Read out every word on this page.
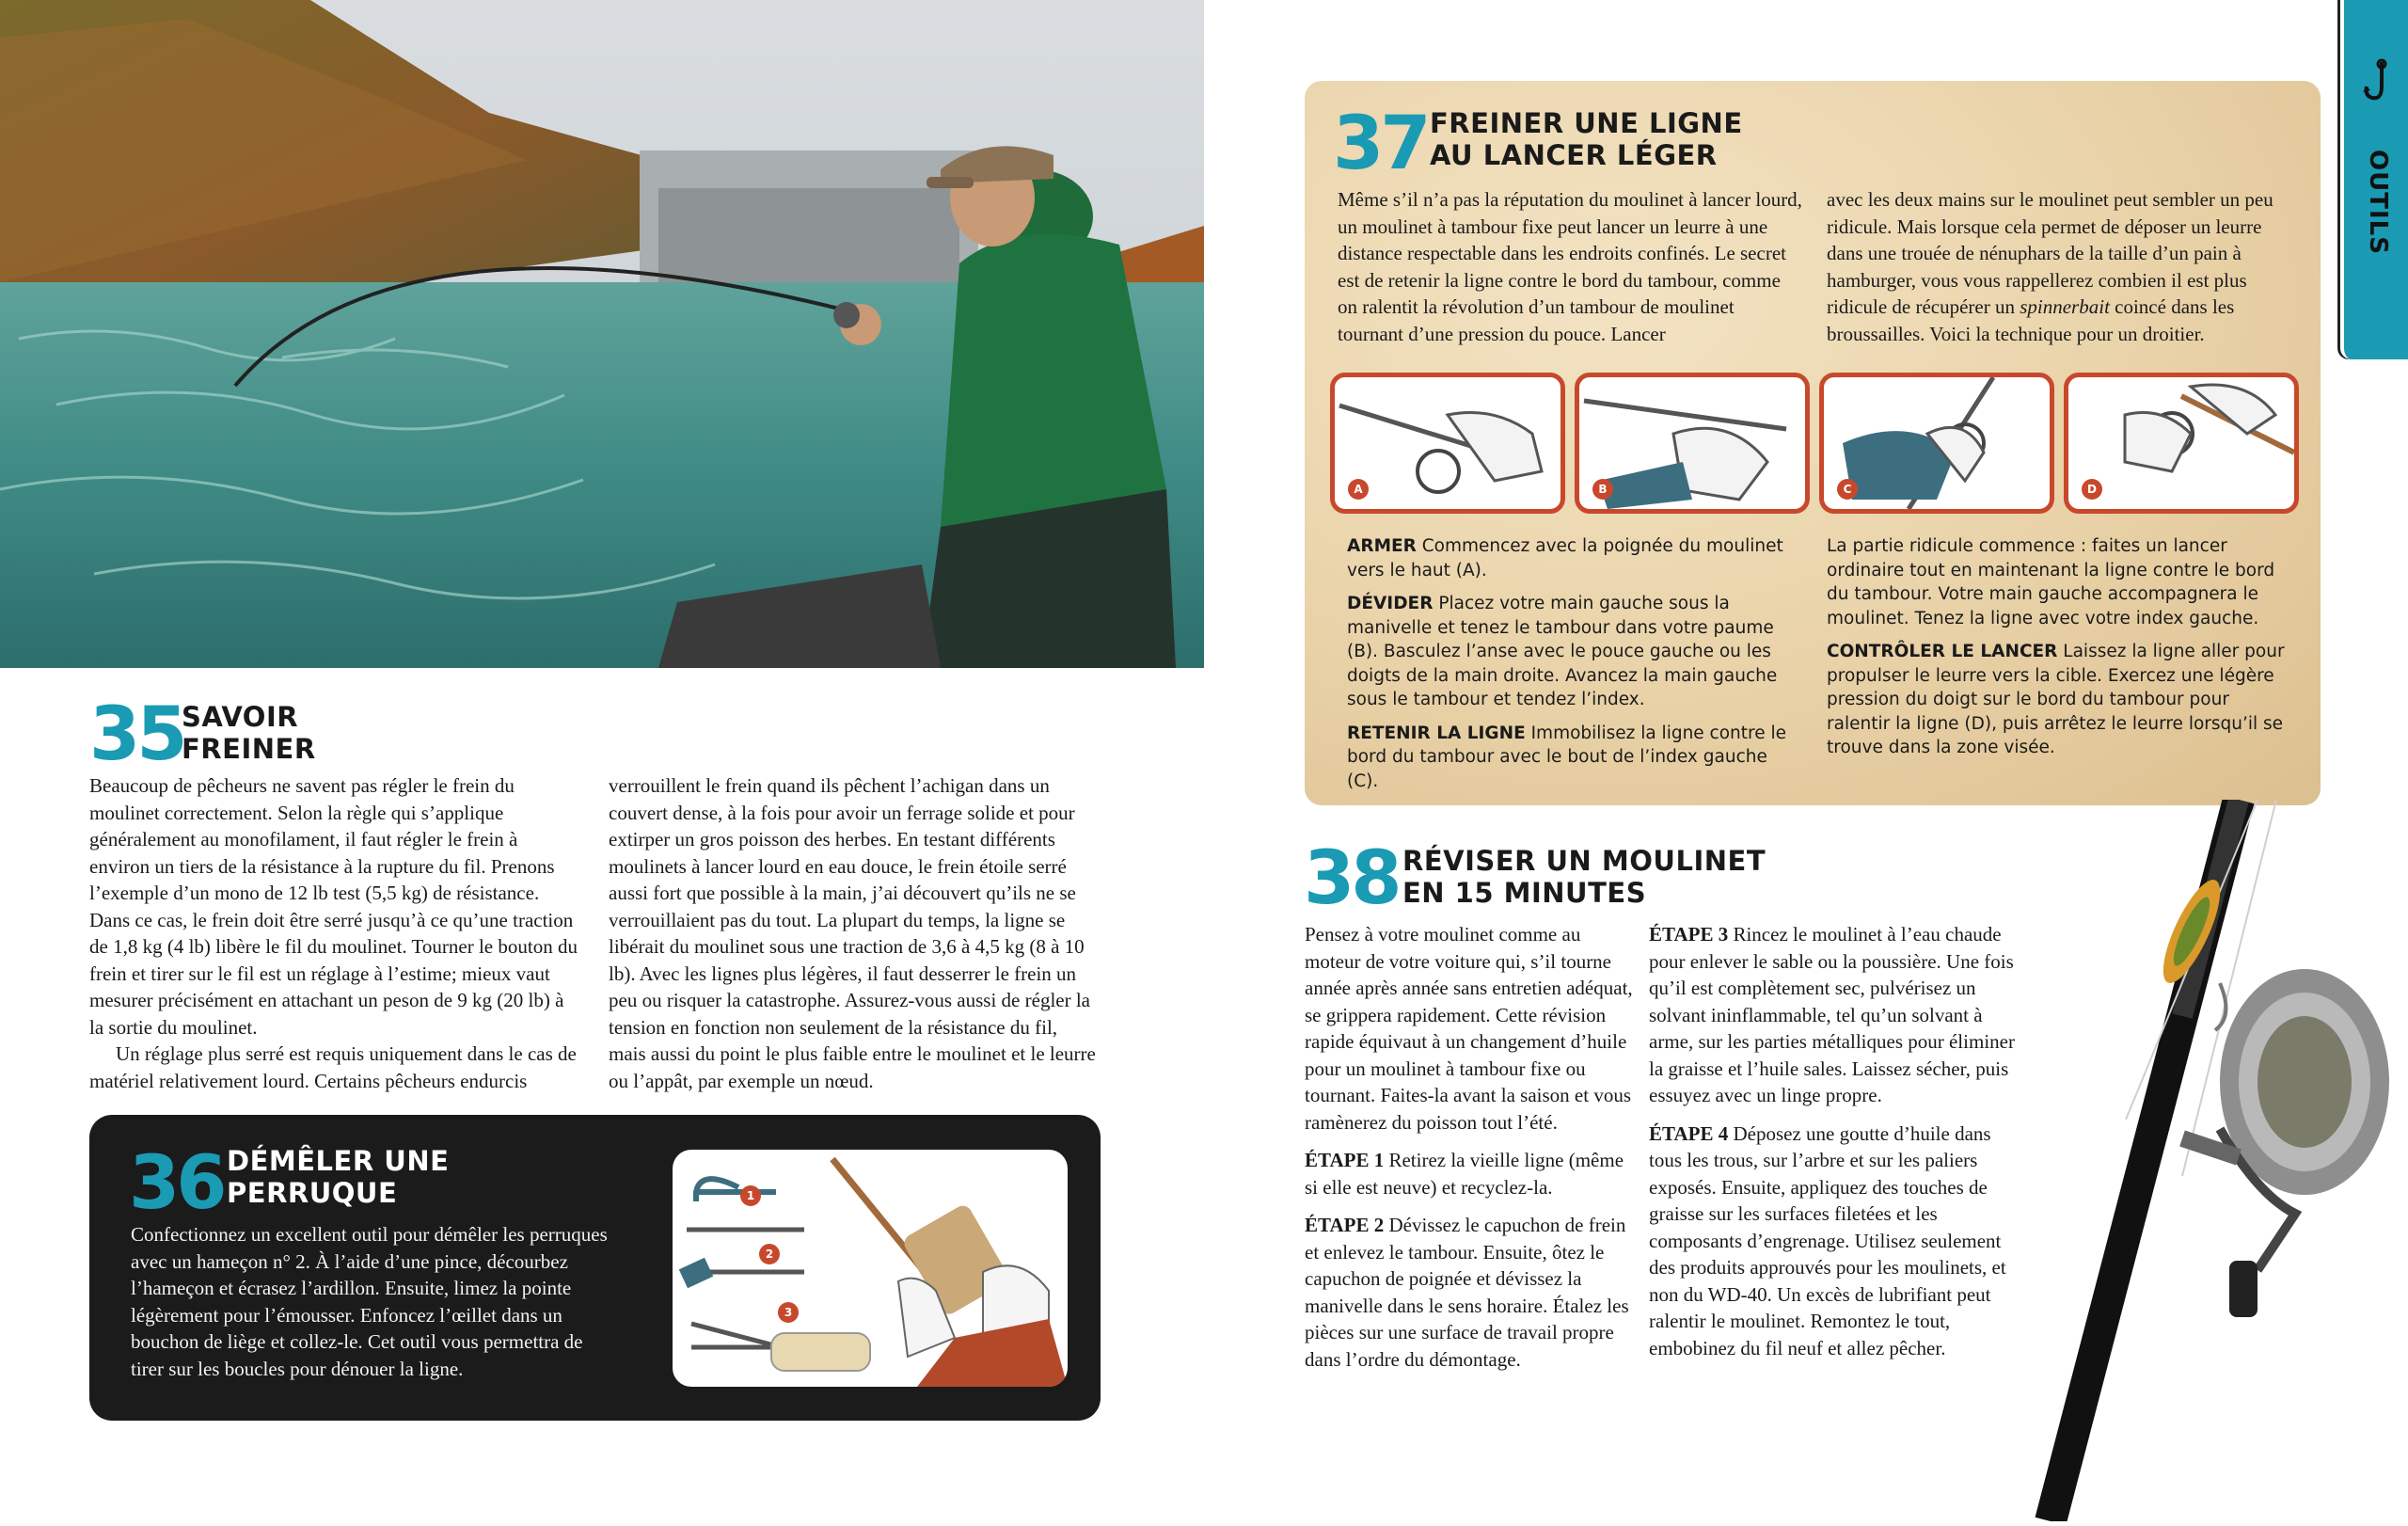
OUTILS
35
SAVOIR
FREINER

Beaucoup de pêcheurs ne savent pas régler le frein du moulinet correctement. Selon la règle qui s’applique généralement au monofilament, il faut régler le frein à environ un tiers de la résistance à la rupture du fil. Prenons l’exemple d’un mono de 12 lb test (5,5 kg) de résistance. Dans ce cas, le frein doit être serré jusqu’à ce qu’une traction de 1,8 kg (4 lb) libère le fil du moulinet. Tourner le bouton du frein et tirer sur le fil est un réglage à l’estime; mieux vaut mesurer précisément en attachant un peson de 9 kg (20 lb) à la sortie du moulinet.

Un réglage plus serré est requis uniquement dans le cas de matériel relativement lourd. Certains pêcheurs endurcis

verrouillent le frein quand ils pêchent l’achigan dans un couvert dense, à la fois pour avoir un ferrage solide et pour extirper un gros poisson des herbes. En testant différents moulinets à lancer lourd en eau douce, le frein étoile serré aussi fort que possible à la main, j’ai découvert qu’ils ne se verrouillaient pas du tout. La plupart du temps, la ligne se libérait du moulinet sous une traction de 3,6 à 4,5 kg (8 à 10 lb). Avec les lignes plus légères, il faut desserrer le frein un peu ou risquer la catastrophe. Assurez-vous aussi de régler la tension en fonction non seulement de la résistance du fil, mais aussi du point le plus faible entre le moulinet et le leurre ou l’appât, par exemple un nœud.

36 DÉMÊLER UNE
PERRUQUE
Confectionnez un excellent outil pour démêler les perruques avec un hameçon n° 2. À l’aide d’une pince, décourbez l’hameçon et écrasez l’ardillon. Ensuite, limez la pointe légèrement pour l’émousser. Enfoncez l’œillet dans un bouchon de liège et collez-le. Cet outil vous permettra de tirer sur les boucles pour dénouer la ligne.
1
2
3
37 FREINER UNE LIGNE
AU LANCER LÉGER
Même s’il n’a pas la réputation du moulinet à lancer lourd, un moulinet à tambour fixe peut lancer un leurre à une distance respectable dans les endroits confinés. Le secret est de retenir la ligne contre le bord du tambour, comme on ralentit la révolution d’un tambour de moulinet tournant d’une pression du pouce. Lancer
avec les deux mains sur le moulinet peut sembler un peu ridicule. Mais lorsque cela permet de déposer un leurre dans une trouée de nénuphars de la taille d’un pain à hamburger, vous vous rappellerez combien il est plus ridicule de récupérer un spinnerbait coincé dans les broussailles. Voici la technique pour un droitier.
A	B	C	D

ARMER Commencez avec la poignée du moulinet vers le haut (A).

DÉVIDER Placez votre main gauche sous la manivelle et tenez le tambour dans votre paume (B). Basculez l’anse avec le pouce gauche ou les doigts de la main droite. Avancez la main gauche sous le tambour et tendez l’index.

RETENIR LA LIGNE Immobilisez la ligne contre le bord du tambour avec le bout de l’index gauche (C).

La partie ridicule commence : faites un lancer ordinaire tout en maintenant la ligne contre le bord du tambour. Votre main gauche accompagnera le moulinet. Tenez la ligne avec votre index gauche.

CONTRÔLER LE LANCER Laissez la ligne aller pour propulser le leurre vers la cible. Exercez une légère pression du doigt sur le bord du tambour pour ralentir la ligne (D), puis arrêtez le leurre lorsqu’il se trouve dans la zone visée.

38 RÉVISER UN MOULINET
EN 15 MINUTES

Pensez à votre moulinet comme au moteur de votre voiture qui, s’il tourne année après année sans entretien adéquat, se grippera rapidement. Cette révision rapide équivaut à un changement d’huile pour un moulinet à tambour fixe ou tournant. Faites-la avant la saison et vous ramènerez du poisson tout l’été.

ÉTAPE 1 Retirez la vieille ligne (même si elle est neuve) et recyclez-la.

ÉTAPE 2 Dévissez le capuchon de frein et enlevez le tambour. Ensuite, ôtez le capuchon de poignée et dévissez la manivelle dans le sens horaire. Étalez les pièces sur une surface de travail propre dans l’ordre du démontage.

ÉTAPE 3 Rincez le moulinet à l’eau chaude pour enlever le sable ou la poussière. Une fois qu’il est complètement sec, pulvérisez un solvant ininflammable, tel qu’un solvant à arme, sur les parties métalliques pour éliminer la graisse et l’huile sales. Laissez sécher, puis essuyez avec un linge propre.

ÉTAPE 4 Déposez une goutte d’huile dans tous les trous, sur l’arbre et sur les paliers exposés. Ensuite, appliquez des touches de graisse sur les surfaces filetées et les composants d’engrenage. Utilisez seulement des produits approuvés pour les moulinets, et non du WD-40. Un excès de lubrifiant peut ralentir le moulinet. Remontez le tout, embobinez du fil neuf et allez pêcher.
